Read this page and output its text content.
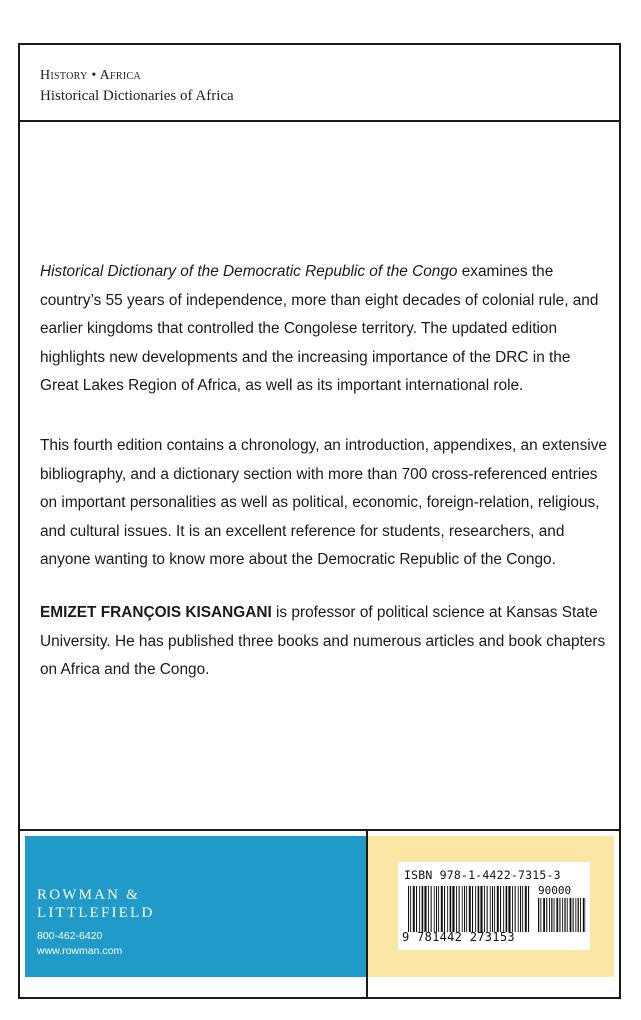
History • Africa
Historical Dictionaries of Africa

Historical Dictionary of the Democratic Republic of the Congo examines the country’s 55 years of independence, more than eight decades of colonial rule, and earlier kingdoms that controlled the Congolese territory. The updated edition highlights new developments and the increasing importance of the DRC in the Great Lakes Region of Africa, as well as its important international role.

This fourth edition contains a chronology, an introduction, appendixes, an extensive bibliography, and a dictionary section with more than 700 cross-referenced entries on important personalities as well as political, economic, foreign-relation, religious, and cultural issues. It is an excellent reference for students, researchers, and anyone wanting to know more about the Democratic Republic of the Congo.

EMIZET FRANÇOIS KISANGANI is professor of political science at Kansas State University. He has published three books and numerous articles and book chapters on Africa and the Congo.

ROWMAN &
LITTLEFIELD
800-462-6420
www.rowman.com
ISBN 978-1-4422-7315-3
90000
9 781442 273153
